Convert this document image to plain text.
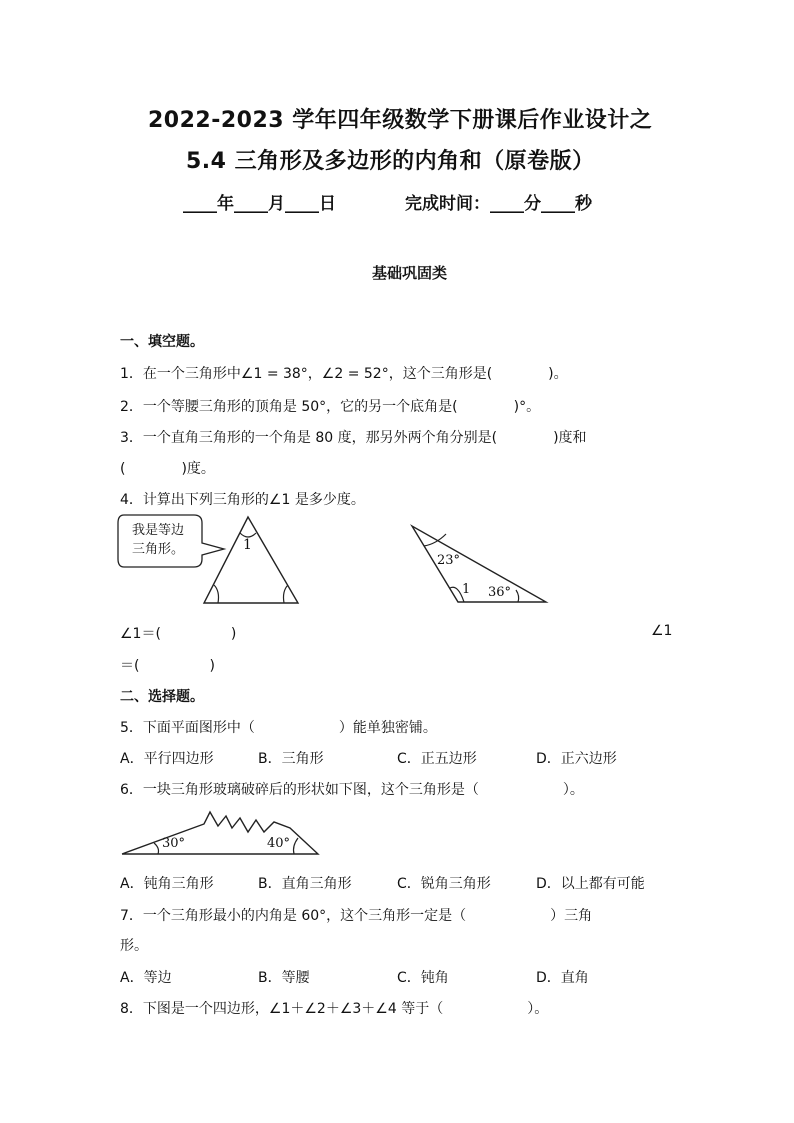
2022-2023 学年四年级数学下册课后作业设计之
5.4 三角形及多边形的内角和（原卷版）
____年____月____日	完成时间：____分____秒
基础巩固类
一、填空题。
1．在一个三角形中∠1 = 38°，∠2 = 52°，这个三角形是(　　　　)。
2．一个等腰三角形的顶角是 50°，它的另一个底角是(　　　　)°。
3．一个直角三角形的一个角是 80 度，那另外两个角分别是(　　　　)度和
(　　　　)度。
4．计算出下列三角形的∠1 是多少度。
我是等边
三角形。	1
23°
1 36°
∠1＝(　　　　　)	∠1
＝(　　　　　)
二、选择题。
5．下面平面图形中（　　　　　　）能单独密铺。
A．平行四边形	B．三角形	C．正五边形	D．正六边形
6．一块三角形玻璃破碎后的形状如下图，这个三角形是（　　　　　　）。
30°	40°
A．钝角三角形	B．直角三角形	C．锐角三角形	D．以上都有可能
7．一个三角形最小的内角是 60°，这个三角形一定是（　　　　　　）三角
形。
A．等边	B．等腰	C．钝角	D．直角
8．下图是一个四边形，∠1＋∠2＋∠3＋∠4 等于（　　　　　　）。
